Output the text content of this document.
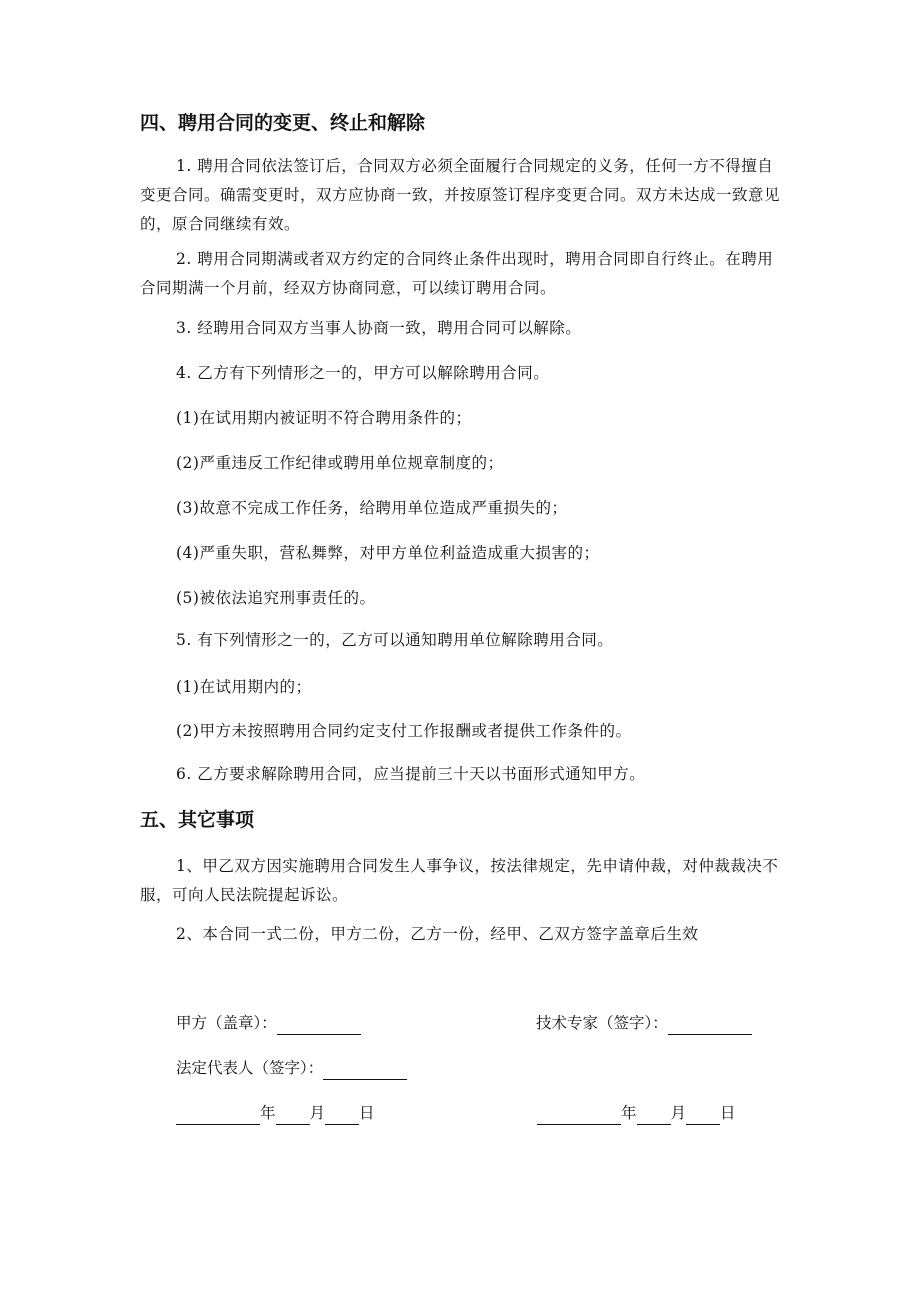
四、聘用合同的变更、终止和解除

1. 聘用合同依法签订后，合同双方必须全面履行合同规定的义务，任何一方不得擅自变更合同。确需变更时，双方应协商一致，并按原签订程序变更合同。双方未达成一致意见的，原合同继续有效。

2. 聘用合同期满或者双方约定的合同终止条件出现时，聘用合同即自行终止。在聘用合同期满一个月前，经双方协商同意，可以续订聘用合同。

3. 经聘用合同双方当事人协商一致，聘用合同可以解除。

4. 乙方有下列情形之一的，甲方可以解除聘用合同。

(1)在试用期内被证明不符合聘用条件的；
(2)严重违反工作纪律或聘用单位规章制度的；
(3)故意不完成工作任务，给聘用单位造成严重损失的；
(4)严重失职，营私舞弊，对甲方单位利益造成重大损害的；
(5)被依法追究刑事责任的。

5. 有下列情形之一的，乙方可以通知聘用单位解除聘用合同。

(1)在试用期内的；
(2)甲方未按照聘用合同约定支付工作报酬或者提供工作条件的。

6. 乙方要求解除聘用合同，应当提前三十天以书面形式通知甲方。

五、其它事项

1、甲乙双方因实施聘用合同发生人事争议，按法律规定，先申请仲裁，对仲裁裁决不服，可向人民法院提起诉讼。

2、本合同一式二份，甲方二份，乙方一份，经甲、乙双方签字盖章后生效

甲方（盖章）：	技术专家（签字）：
法定代表人（签字）：
年 月 日	年 月 日
